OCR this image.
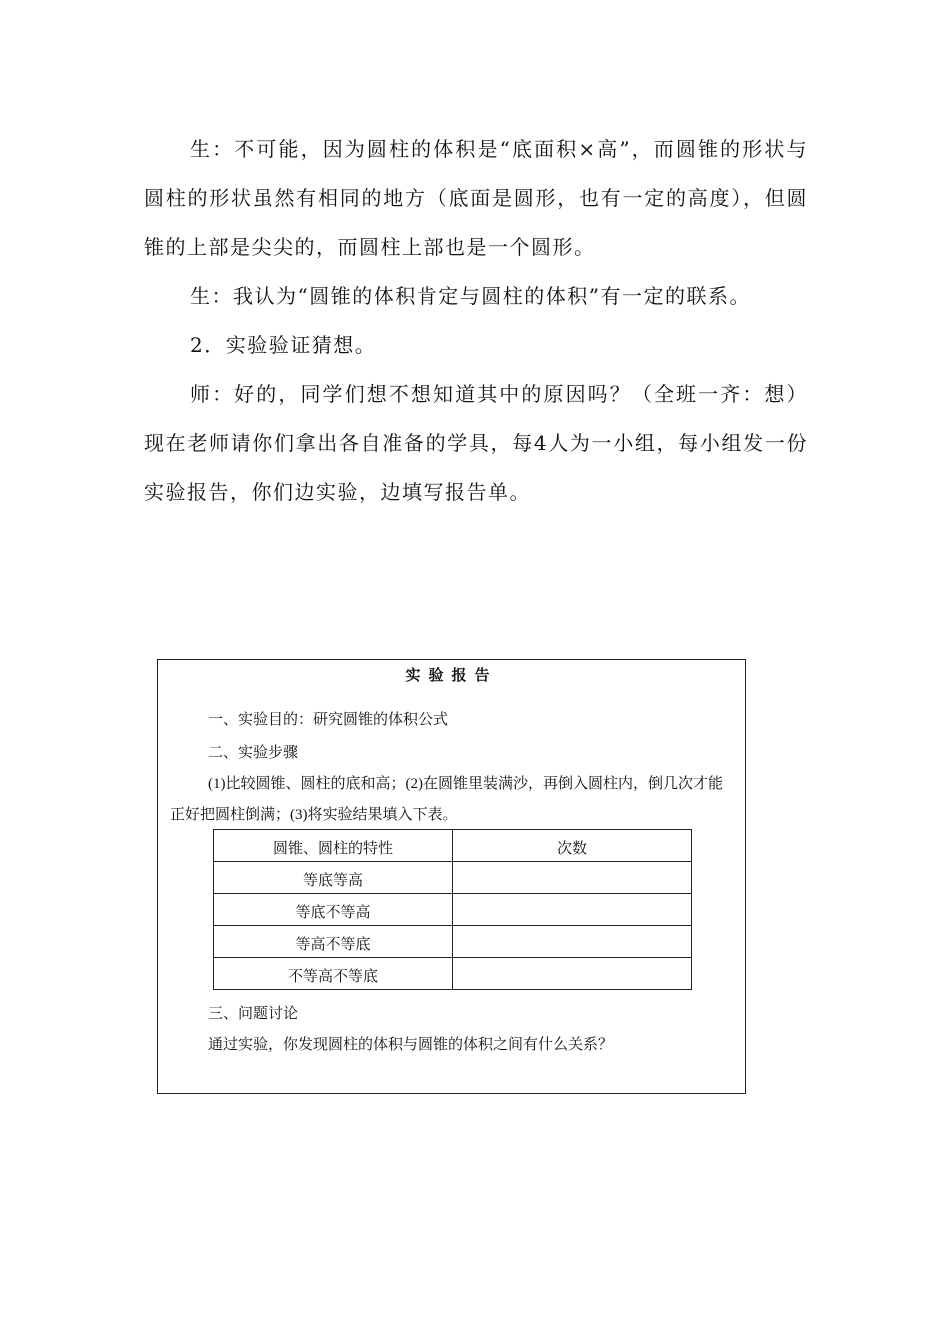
生：不可能，因为圆柱的体积是“底面积×高”，而圆锥的形状与圆柱的形状虽然有相同的地方（底面是圆形，也有一定的高度），但圆锥的上部是尖尖的，而圆柱上部也是一个圆形。

生：我认为“圆锥的体积肯定与圆柱的体积”有一定的联系。

2．实验验证猜想。

师：好的，同学们想不想知道其中的原因吗？（全班一齐：想）现在老师请你们拿出各自准备的学具，每4人为一小组，每小组发一份实验报告，你们边实验，边填写报告单。

实验报告

一、实验目的：研究圆锥的体积公式

二、实验步骤

(1)比较圆锥、圆柱的底和高；(2)在圆锥里装满沙，再倒入圆柱内，倒几次才能正好把圆柱倒满；(3)将实验结果填入下表。

圆锥、圆柱的特性	次数
等底等高	
等底不等高	
等高不等底	
不等高不等底	

三、问题讨论

通过实验，你发现圆柱的体积与圆锥的体积之间有什么关系？
